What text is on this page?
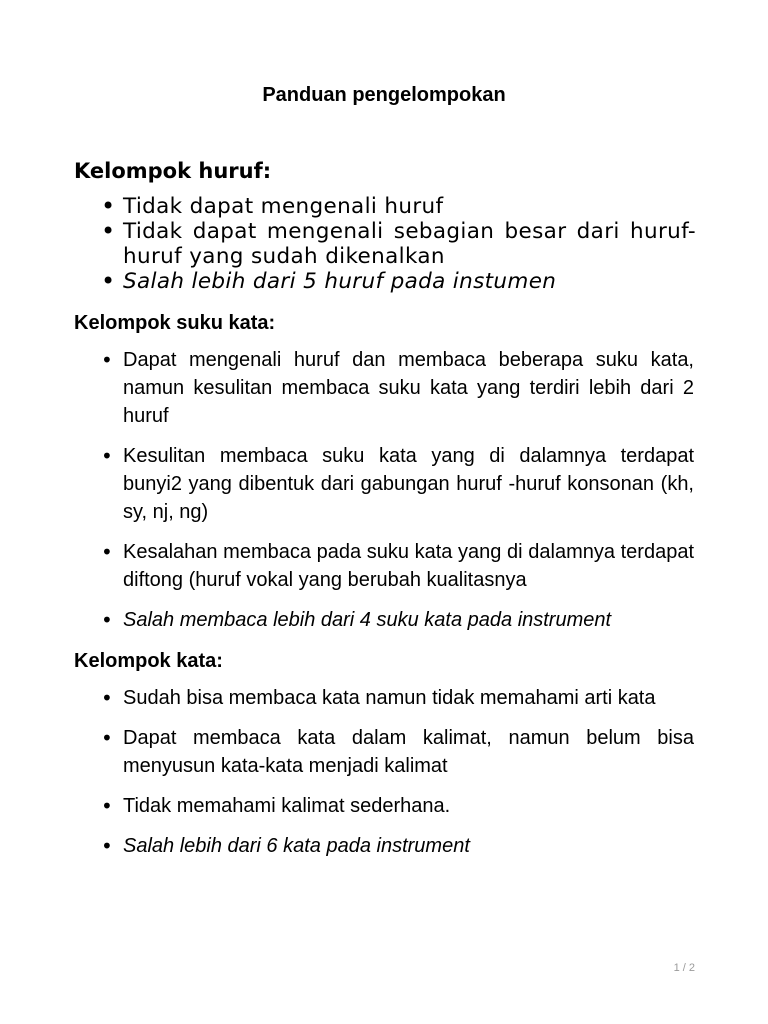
Panduan pengelompokan
Kelompok huruf:
• Tidak dapat mengenali huruf
• Tidak dapat mengenali sebagian besar dari huruf-huruf yang sudah dikenalkan
• Salah lebih dari 5 huruf pada instumen
Kelompok suku kata:
• Dapat mengenali huruf dan membaca beberapa suku kata, namun kesulitan membaca suku kata yang terdiri lebih dari 2 huruf
• Kesulitan membaca suku kata yang di dalamnya terdapat bunyi2 yang dibentuk dari gabungan huruf -huruf konsonan (kh, sy, nj, ng)
• Kesalahan membaca pada suku kata yang di dalamnya terdapat diftong (huruf vokal yang berubah kualitasnya
• Salah membaca lebih dari 4 suku kata pada instrument
Kelompok kata:
• Sudah bisa membaca kata namun tidak memahami arti kata
• Dapat membaca kata dalam kalimat, namun belum bisa menyusun kata-kata menjadi kalimat
• Tidak memahami kalimat sederhana.
• Salah lebih dari 6 kata pada instrument
1 / 2
